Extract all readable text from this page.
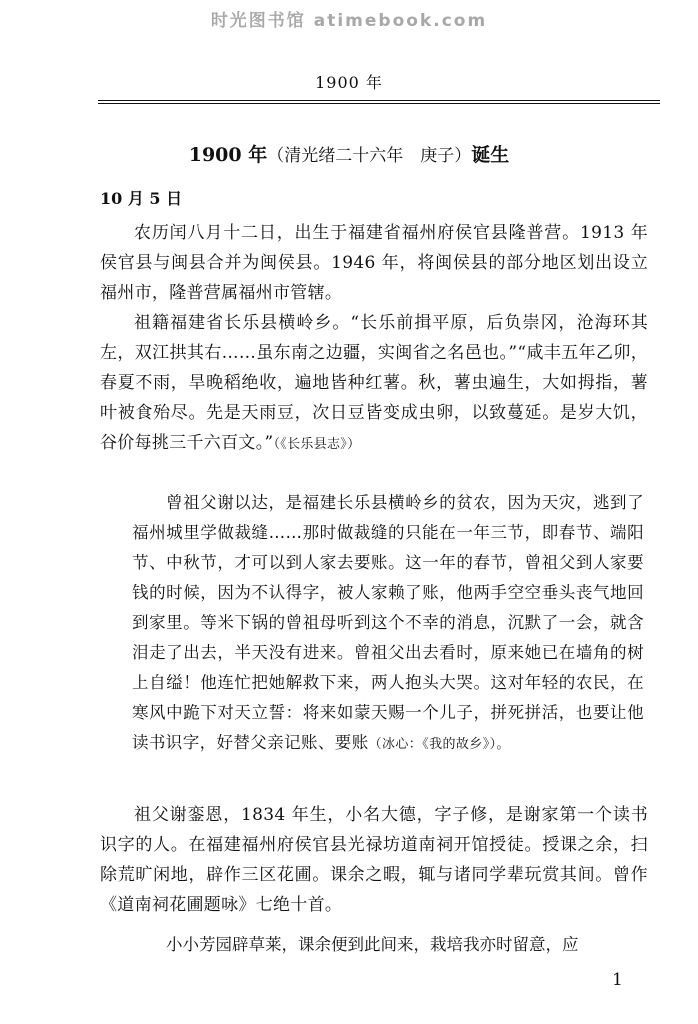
时光图书馆 atimebook.com
1900 年
1900 年（清光绪二十六年　庚子）诞生
10 月 5 日

农历闰八月十二日，出生于福建省福州府侯官县隆普营。1913 年侯官县与闽县合并为闽侯县。1946 年，将闽侯县的部分地区划出设立福州市，隆普营属福州市管辖。

祖籍福建省长乐县横岭乡。“长乐前揖平原，后负崇冈，沧海环其左，双江拱其右……虽东南之边疆，实闽省之名邑也。”“咸丰五年乙卯，春夏不雨，旱晚稻绝收，遍地皆种红薯。秋，薯虫遍生，大如拇指，薯叶被食殆尽。先是天雨豆，次日豆皆变成虫卵，以致蔓延。是岁大饥，谷价每挑三千六百文。”（《长乐县志》）

曾祖父谢以达，是福建长乐县横岭乡的贫农，因为天灾，逃到了福州城里学做裁缝……那时做裁缝的只能在一年三节，即春节、端阳节、中秋节，才可以到人家去要账。这一年的春节，曾祖父到人家要钱的时候，因为不认得字，被人家赖了账，他两手空空垂头丧气地回到家里。等米下锅的曾祖母听到这个不幸的消息，沉默了一会，就含泪走了出去，半天没有进来。曾祖父出去看时，原来她已在墙角的树上自缢！他连忙把她解救下来，两人抱头大哭。这对年轻的农民，在寒风中跪下对天立誓：将来如蒙天赐一个儿子，拼死拼活，也要让他读书识字，好替父亲记账、要账（冰心：《我的故乡》）。

祖父谢銮恩，1834 年生，小名大德，字子修，是谢家第一个读书识字的人。在福建福州府侯官县光禄坊道南祠开馆授徒。授课之余，扫除荒旷闲地，辟作三区花圃。课余之暇，辄与诸同学辈玩赏其间。曾作《道南祠花圃题咏》七绝十首。

小小芳园辟草莱，课余便到此间来，栽培我亦时留意，应

1
